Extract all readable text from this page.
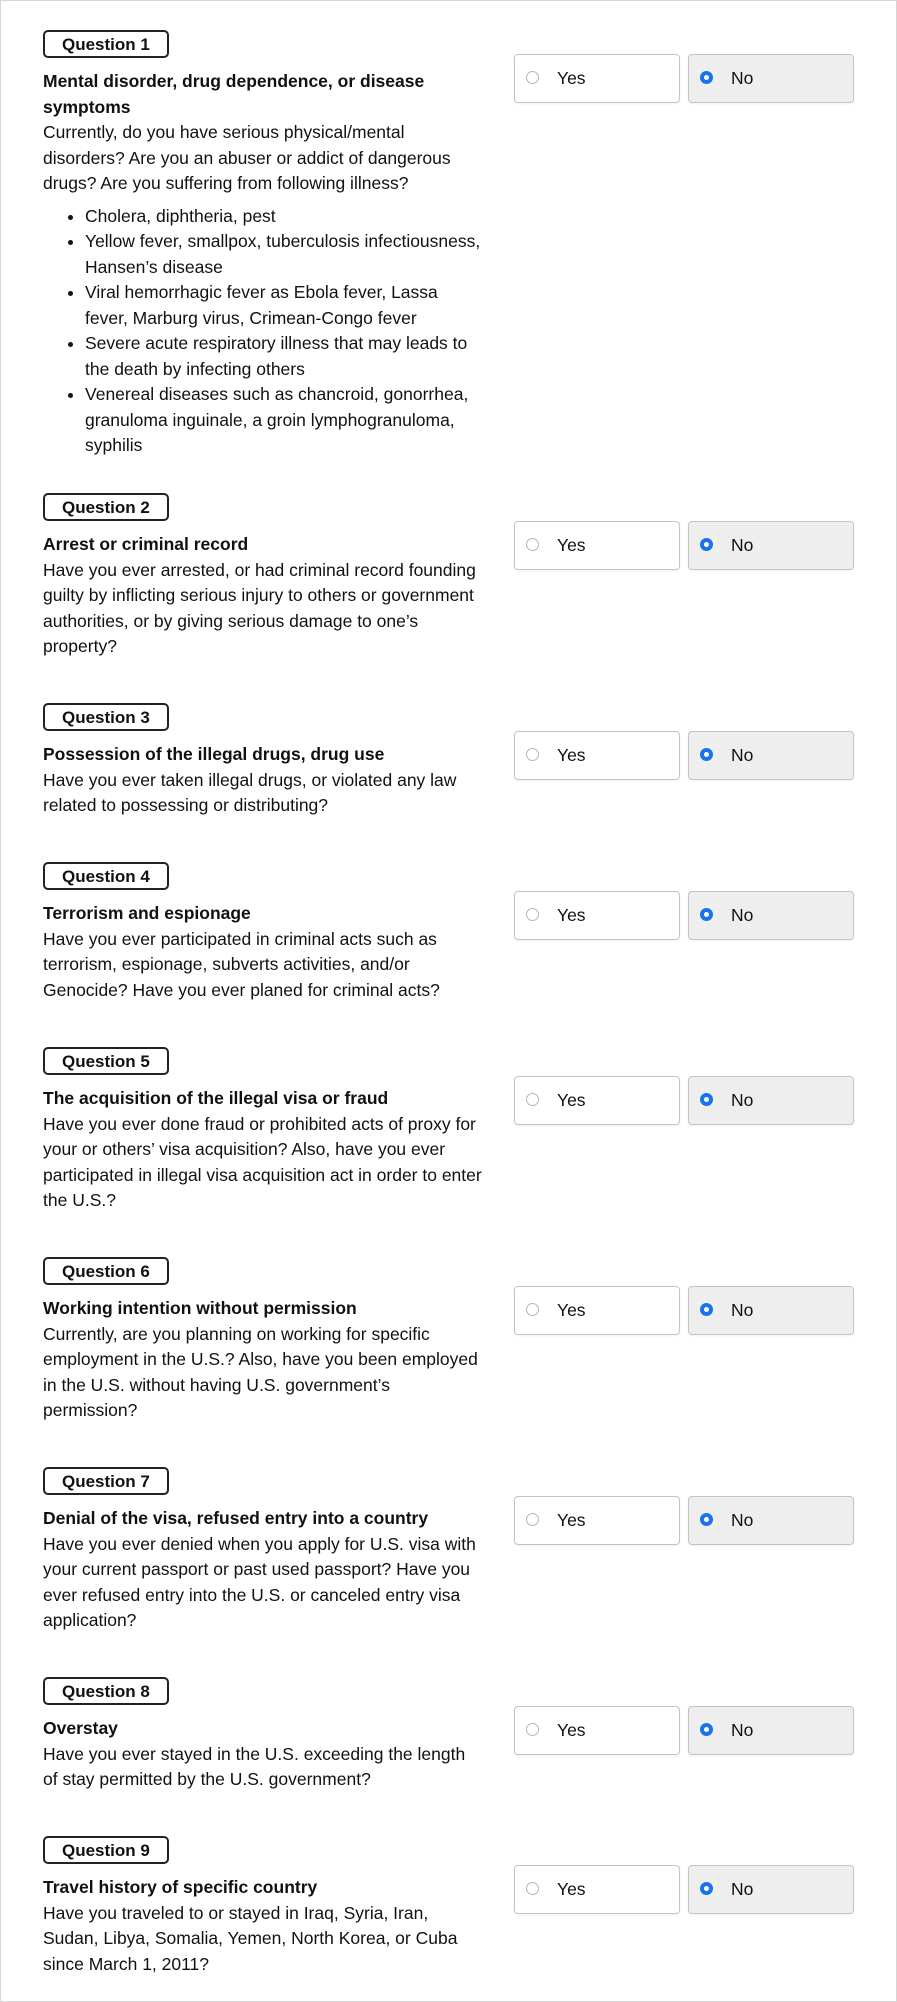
Question 1
Mental disorder, drug dependence, or disease symptoms
Currently, do you have serious physical/mental disorders? Are you an abuser or addict of dangerous drugs? Are you suffering from following illness?
• Cholera, diphtheria, pest
• Yellow fever, smallpox, tuberculosis infectiousness, Hansen’s disease
• Viral hemorrhagic fever as Ebola fever, Lassa fever, Marburg virus, Crimean-Congo fever
• Severe acute respiratory illness that may leads to the death by infecting others
• Venereal diseases such as chancroid, gonorrhea, granuloma inguinale, a groin lymphogranuloma, syphilis
Yes	No
Question 2
Arrest or criminal record
Have you ever arrested, or had criminal record founding guilty by inflicting serious injury to others or government authorities, or by giving serious damage to one’s property?
Yes	No
Question 3
Possession of the illegal drugs, drug use
Have you ever taken illegal drugs, or violated any law related to possessing or distributing?
Yes	No
Question 4
Terrorism and espionage
Have you ever participated in criminal acts such as terrorism, espionage, subverts activities, and/or Genocide? Have you ever planed for criminal acts?
Yes	No
Question 5
The acquisition of the illegal visa or fraud
Have you ever done fraud or prohibited acts of proxy for your or others’ visa acquisition? Also, have you ever participated in illegal visa acquisition act in order to enter the U.S.?
Yes	No
Question 6
Working intention without permission
Currently, are you planning on working for specific employment in the U.S.? Also, have you been employed in the U.S. without having U.S. government’s permission?
Yes	No
Question 7
Denial of the visa, refused entry into a country
Have you ever denied when you apply for U.S. visa with your current passport or past used passport? Have you ever refused entry into the U.S. or canceled entry visa application?
Yes	No
Question 8
Overstay
Have you ever stayed in the U.S. exceeding the length of stay permitted by the U.S. government?
Yes	No
Question 9
Travel history of specific country
Have you traveled to or stayed in Iraq, Syria, Iran, Sudan, Libya, Somalia, Yemen, North Korea, or Cuba since March 1, 2011?
Yes	No
